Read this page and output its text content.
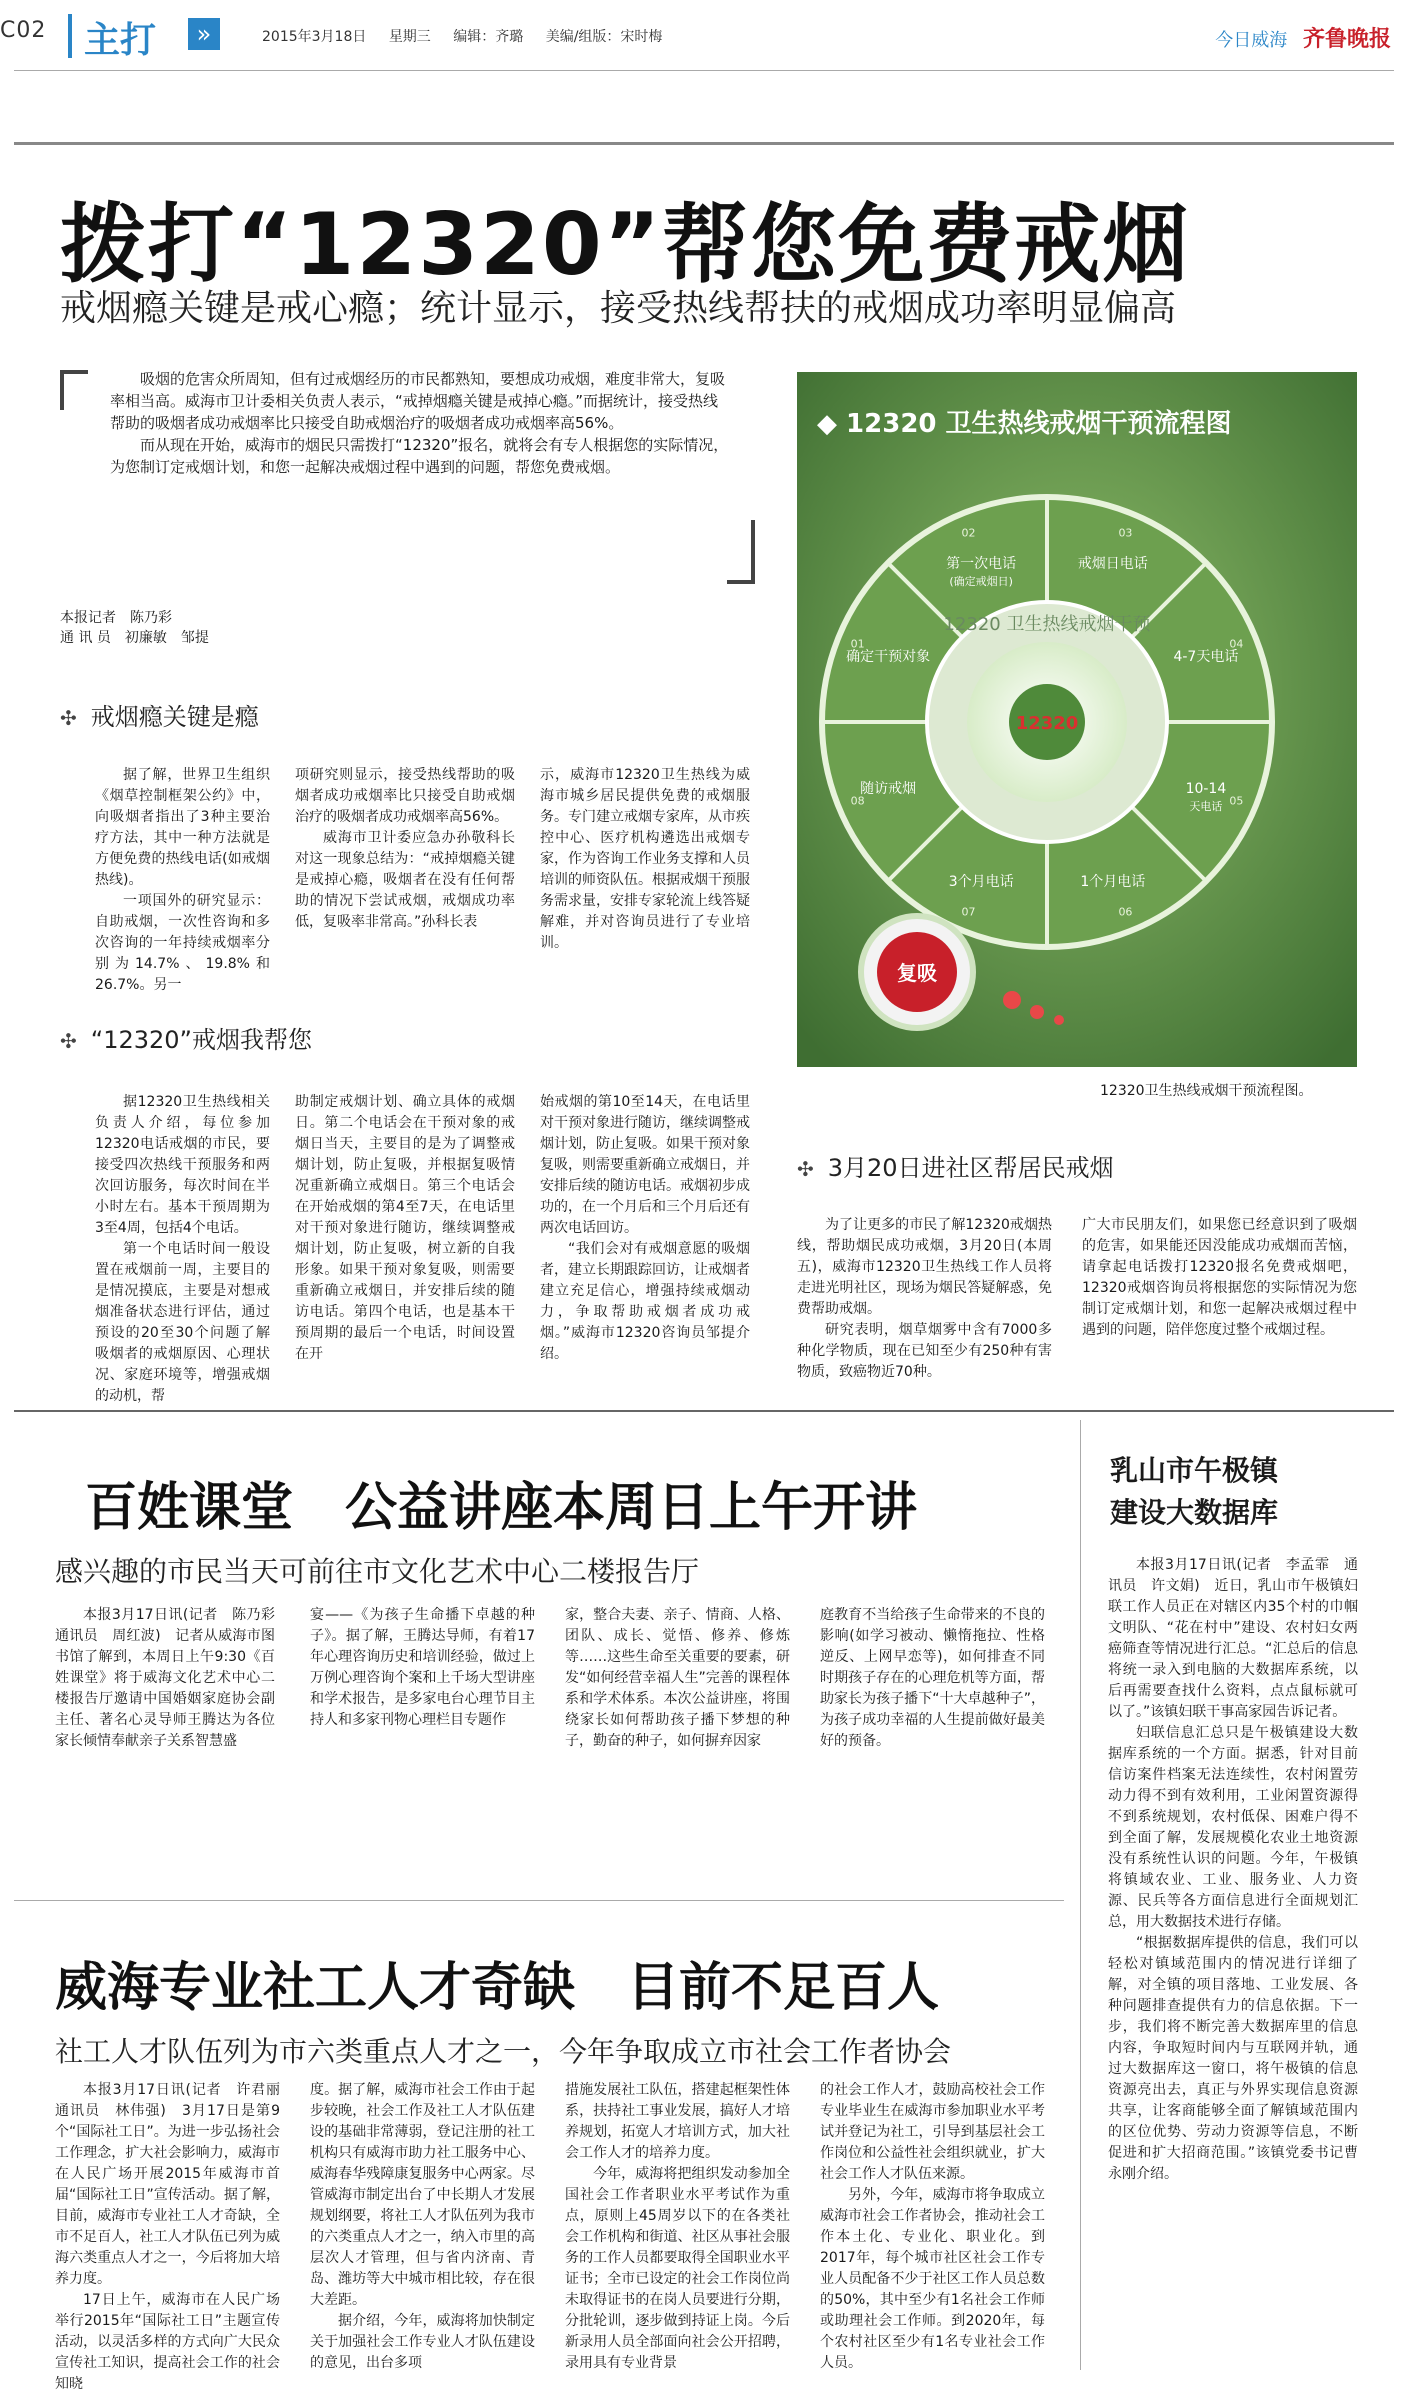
C02 主打	»	2015年3月18日 星期三 编辑：齐璐 美编/组版：宋时梅	今日威海 齐鲁晚报
拨打“12320”帮您免费戒烟
戒烟瘾关键是戒心瘾；统计显示，接受热线帮扶的戒烟成功率明显偏高

吸烟的危害众所周知，但有过戒烟经历的市民都熟知，要想成功戒烟，难度非常大，复吸率相当高。威海市卫计委相关负责人表示，“戒掉烟瘾关键是戒掉心瘾。”而据统计，接受热线帮助的吸烟者成功戒烟率比只接受自助戒烟治疗的吸烟者成功戒烟率高56%。

而从现在开始，威海市的烟民只需拨打“12320”报名，就将会有专人根据您的实际情况，为您制订定戒烟计划，和您一起解决戒烟过程中遇到的问题，帮您免费戒烟。

本报记者　陈乃彩
通 讯 员　初廉敏　邹提
✣ 戒烟瘾关键是瘾

据了解，世界卫生组织《烟草控制框架公约》中，向吸烟者指出了3种主要治疗方法，其中一种方法就是方便免费的热线电话(如戒烟热线)。

一项国外的研究显示：自助戒烟，一次性咨询和多次咨询的一年持续戒烟率分别为14.7%、19.8%和26.7%。另一

项研究则显示，接受热线帮助的吸烟者成功戒烟率比只接受自助戒烟治疗的吸烟者成功戒烟率高56%。

威海市卫计委应急办孙敬科长对这一现象总结为：“戒掉烟瘾关键是戒掉心瘾，吸烟者在没有任何帮助的情况下尝试戒烟，戒烟成功率低，复吸率非常高。”孙科长表

示，威海市12320卫生热线为威海市城乡居民提供免费的戒烟服务。专门建立戒烟专家库，从市疾控中心、医疗机构遴选出戒烟专家，作为咨询工作业务支撑和人员培训的师资队伍。根据戒烟干预服务需求量，安排专家轮流上线答疑解难，并对咨询员进行了专业培训。

✣ “12320”戒烟我帮您

据12320卫生热线相关负责人介绍，每位参加12320电话戒烟的市民，要接受四次热线干预服务和两次回访服务，每次时间在半小时左右。基本干预周期为3至4周，包括4个电话。

第一个电话时间一般设置在戒烟前一周，主要目的是情况摸底，主要是对想戒烟准备状态进行评估，通过预设的20至30个问题了解吸烟者的戒烟原因、心理状况、家庭环境等，增强戒烟的动机，帮

助制定戒烟计划、确立具体的戒烟日。第二个电话会在干预对象的戒烟日当天，主要目的是为了调整戒烟计划，防止复吸，并根据复吸情况重新确立戒烟日。第三个电话会在开始戒烟的第4至7天，在电话里对干预对象进行随访，继续调整戒烟计划，防止复吸，树立新的自我形象。如果干预对象复吸，则需要重新确立戒烟日，并安排后续的随访电话。第四个电话，也是基本干预周期的最后一个电话，时间设置在开

始戒烟的第10至14天，在电话里对干预对象进行随访，继续调整戒烟计划，防止复吸。如果干预对象复吸，则需要重新确立戒烟日，并安排后续的随访电话。戒烟初步成功的，在一个月后和三个月后还有两次电话回访。

“我们会对有戒烟意愿的吸烟者，建立长期跟踪回访，让戒烟者建立充足信心，增强持续戒烟动力，争取帮助戒烟者成功戒烟。”威海市12320咨询员邹提介绍。

◆ 12320 卫生热线戒烟干预流程图
12320
12320 卫生热线戒烟干预
确定干预对象
01
第一次电话
02
(确定戒烟日)
戒烟日电话
03
4-7天电话
04
10-14
05
天电话
1个月电话
06
3个月电话
07
随访戒烟
08
复吸
12320卫生热线戒烟干预流程图。
✣ 3月20日进社区帮居民戒烟

为了让更多的市民了解12320戒烟热线，帮助烟民成功戒烟，3月20日(本周五)，威海市12320卫生热线工作人员将走进光明社区，现场为烟民答疑解惑，免费帮助戒烟。

研究表明，烟草烟雾中含有7000多种化学物质，现在已知至少有250种有害物质，致癌物近70种。

广大市民朋友们，如果您已经意识到了吸烟的危害，如果能还因没能成功戒烟而苦恼，请拿起电话拨打12320报名免费戒烟吧，12320戒烟咨询员将根据您的实际情况为您制订定戒烟计划，和您一起解决戒烟过程中遇到的问题，陪伴您度过整个戒烟过程。

百姓课堂　公益讲座本周日上午开讲
感兴趣的市民当天可前往市文化艺术中心二楼报告厅

本报3月17日讯(记者　陈乃彩　通讯员　周红波)　记者从威海市图书馆了解到，本周日上午9:30《百姓课堂》将于威海文化艺术中心二楼报告厅邀请中国婚姻家庭协会副主任、著名心灵导师王腾达为各位家长倾情奉献亲子关系智慧盛

宴——《为孩子生命播下卓越的种子》。据了解，王腾达导师，有着17年心理咨询历史和培训经验，做过上万例心理咨询个案和上千场大型讲座和学术报告，是多家电台心理节目主持人和多家刊物心理栏目专题作

家，整合夫妻、亲子、情商、人格、团队、成长、觉悟、修养、修炼等……这些生命至关重要的要素，研发“如何经营幸福人生”完善的课程体系和学术体系。本次公益讲座，将围绕家长如何帮助孩子播下梦想的种子，勤奋的种子，如何摒弃因家

庭教育不当给孩子生命带来的不良的影响(如学习被动、懒惰拖拉、性格逆反、上网早恋等)，如何排查不同时期孩子存在的心理危机等方面，帮助家长为孩子播下“十大卓越种子”，为孩子成功幸福的人生提前做好最美好的预备。

威海专业社工人才奇缺　目前不足百人
社工人才队伍列为市六类重点人才之一，今年争取成立市社会工作者协会

本报3月17日讯(记者　许君丽　通讯员　林伟强)　3月17日是第9个“国际社工日”。为进一步弘扬社会工作理念，扩大社会影响力，威海市在人民广场开展2015年威海市首届“国际社工日”宣传活动。据了解，目前，威海市专业社工人才奇缺，全市不足百人，社工人才队伍已列为威海六类重点人才之一，今后将加大培养力度。

17日上午，威海市在人民广场举行2015年“国际社工日”主题宣传活动，以灵活多样的方式向广大民众宣传社工知识，提高社会工作的社会知晓

度。据了解，威海市社会工作由于起步较晚，社会工作及社工人才队伍建设的基础非常薄弱，登记注册的社工机构只有威海市助力社工服务中心、威海春华残障康复服务中心两家。尽管威海市制定出台了中长期人才发展规划纲要，将社工人才队伍列为我市的六类重点人才之一，纳入市里的高层次人才管理，但与省内济南、青岛、潍坊等大中城市相比较，存在很大差距。

据介绍，今年，威海将加快制定关于加强社会工作专业人才队伍建设的意见，出台多项

措施发展社工队伍，搭建起框架性体系，扶持社工事业发展，搞好人才培养规划，拓宽人才培训方式，加大社会工作人才的培养力度。

今年，威海将把组织发动参加全国社会工作者职业水平考试作为重点，原则上45周岁以下的在各类社会工作机构和街道、社区从事社会服务的工作人员都要取得全国职业水平证书；全市已设定的社会工作岗位尚未取得证书的在岗人员要进行分期，分批轮训，逐步做到持证上岗。今后新录用人员全部面向社会公开招聘，录用具有专业背景

的社会工作人才，鼓励高校社会工作专业毕业生在威海市参加职业水平考试并登记为社工，引导到基层社会工作岗位和公益性社会组织就业，扩大社会工作人才队伍来源。

另外，今年，威海市将争取成立威海市社会工作者协会，推动社会工作本土化、专业化、职业化。到2017年，每个城市社区社会工作专业人员配备不少于社区工作人员总数的50%，其中至少有1名社会工作师或助理社会工作师。到2020年，每个农村社区至少有1名专业社会工作人员。

乳山市午极镇
建设大数据库

本报3月17日讯(记者　李孟霏　通讯员　许文娟)　近日，乳山市午极镇妇联工作人员正在对辖区内35个村的巾帼文明队、“花在村中”建设、农村妇女两癌筛查等情况进行汇总。“汇总后的信息将统一录入到电脑的大数据库系统，以后再需要查找什么资料，点点鼠标就可以了。”该镇妇联干事高家园告诉记者。

妇联信息汇总只是午极镇建设大数据库系统的一个方面。据悉，针对目前信访案件档案无法连续性，农村闲置劳动力得不到有效利用，工业闲置资源得不到系统规划，农村低保、困难户得不到全面了解，发展规模化农业土地资源没有系统性认识的问题。今年，午极镇将镇域农业、工业、服务业、人力资源、民兵等各方面信息进行全面规划汇总，用大数据技术进行存储。

“根据数据库提供的信息，我们可以轻松对镇域范围内的情况进行详细了解，对全镇的项目落地、工业发展、各种问题排查提供有力的信息依据。下一步，我们将不断完善大数据库里的信息内容，争取短时间内与互联网并轨，通过大数据库这一窗口，将午极镇的信息资源亮出去，真正与外界实现信息资源共享，让客商能够全面了解镇域范围内的区位优势、劳动力资源等信息，不断促进和扩大招商范围。”该镇党委书记曹永刚介绍。
